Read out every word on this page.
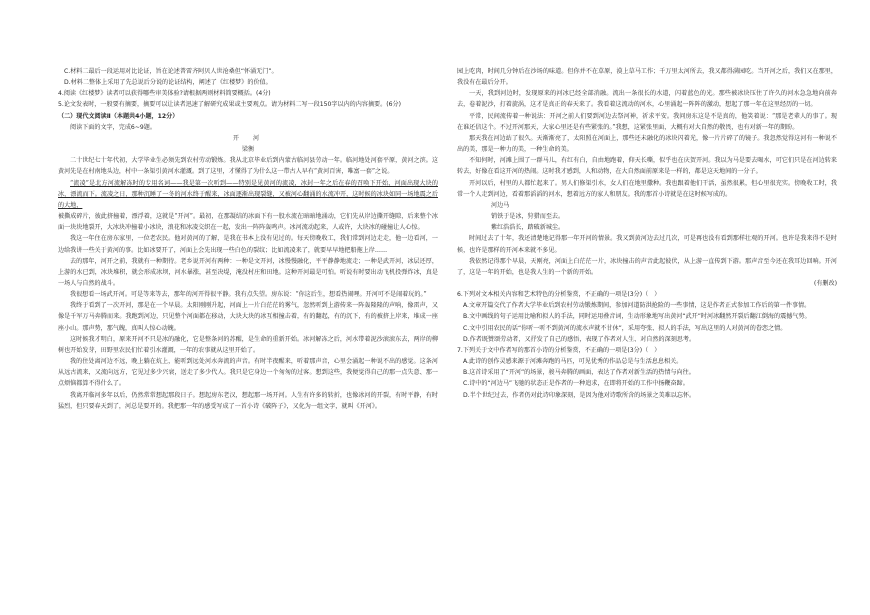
C.材料二最后一段运用对比论证，旨在论述普雷齐阿贝人世沧桑但“怀涌无门”。

D.材料二整体上采用了先总说后分说的论证结构，阐述了《红楼梦》的价值。

4.阅读《红楼梦》读者可以获得哪些审美体验?请根据两则材料简要概括。(4分)

5.论文发表时，一般要有摘要，摘要可以让读者迅速了解研究成果或主要观点。请为材料二写一段150字以内的内容摘要。(6分)

（二）现代文阅读Ⅱ（本题共4小题，12分）

阅读下面的文字，完成6~9题。

开　河

梁衡

二十世纪七十年代初，大学毕业生必须先到农村劳动锻炼。我从北京毕业后到内蒙古临河县劳动一年。临河地处河套平原，黄河之滨。这黄河先是在村南地头边，村中一条渠引黄河水灌溉。到了这里，才懂得了为什么这一带古人早有“黄河百害，唯富一套”之说。

“流凌”是北方河流解冻时的专用名词——我是第一次听到——特别是见黄河的流凌，冰封一年之后在春的召唤下开始，河面出现大块的冰，漂流而下。流凌之日，那种沉睡了一冬的河水终于醒来，冰面逐渐出现裂缝，又被河心翻涌的水流冲开，这时候的冰块如同一场地震之后的大地，

被撕成碎片，彼此挤撞着，漂浮着，这就是“开河”。最初，在那凝结的冰面下有一股水流在暗暗地涌动，它们先从岸边撕开缝隙，后来整个冰面一块块地裂开，大冰块冲撞着小冰块，浪花和冰凌交织在一起，发出一阵阵轰鸣声。冰河流动起来，人或许，大块冰的碰撞让人心惊。

我这一年住在房东家里，一位老农民。他对黄河的了解，是我在书本上没有见过的。每天傍晚收工，我们常到河边走走，他一边看河，一边给我讲一些关于黄河的事。比如冰要开了，河面上会先出现一些白色的裂纹；比如流凌来了，就要早早地把船拖上岸……

去的那年，河开之前，我就有一种期待。老乡说开河有两种：一种是文开河，冰慢慢融化，平平静静地流走；一种是武开河，冰层还厚，上游的水已到，冰块堆积，就会形成冰坝，河水暴涨，甚至决堤，淹没村庄和田地。这种开河最是可怕。听说有时要出动飞机投弹炸冰，真是一场人与自然的战斗。

我很想看一场武开河。可是等来等去，那年的河开得很平静。我有点失望。房东说：“你这后生，想看热闹哩。开河可不是闹着玩的。”

我终于看到了一次开河，那是在一个早晨。太阳刚刚升起，河面上一片白茫茫的雾气，忽然听到上游传来一阵轰隆隆的声响，像雷声，又像是千军万马奔腾而来。我跑到河边，只见整个河面都在移动，大块大块的冰互相撞击着，有的翻起，有的沉下，有的被挤上岸来，堆成一座座小山。那声势，那气魄，真叫人惊心动魄。

这时候我才明白，原来开河不只是冰的融化，它是整条河的苏醒，是生命的重新开始。冰河解冻之后，河水带着泥沙滚滚东去，两岸的柳树也开始发芽，田野里农民们忙着引水灌溉，一年的农事就从这里开始了。

我的住处离河边不远，晚上躺在炕上，能听到远处河水奔流的声音。有时半夜醒来，听着那声音，心里会涌起一种说不出的感觉。这条河从远古流来，又流向远方，它见过多少兴衰，送走了多少代人。我只是它身边一个匆匆的过客。想到这些，我便觉得自己的那一点失意、那一点烦恼都算不得什么了。

我离开临河多年以后，仍然常常想起那段日子。想起房东老汉，想起那一场开河。人生有许多的转折，也像冰河的开裂，有时平静，有时猛烈，但只要春天到了，河总是要开的。我把那一年的感受写成了一首小诗《破阵子》，又化为一组文字，就叫《开河》。

园上吃肉，时间几分钟后在沙场的味道。但你并不在草原，漠上草马工作；千万里太河所去，我又都得满园吃。当开河之后，我们又在那里，我没有在最后分开。

一天，我到河边时，发现原来的河冰已经全部消融。流出一条很长的水道，闪着蓝色的光。那些被冰块压住了许久的河水急急地向前奔去，卷着泥沙，打着旋涡，这才是真正的春天来了。我看着这流动的河水，心里涌起一阵阵的激动，想起了那一年在这里经历的一切。

平常，民间流传着一种说法：开河之前人们要到河边去祭河神，祈求平安。我问房东这是不是真的，他笑着说：“那是老辈人的事了。现在谁还信这个。不过开河那天，大家心里还是有些紧张的。”我想，这紧张里面，大概有对大自然的敬畏，也有对新一年的期盼。

那天我在河边站了很久。天渐渐亮了，太阳照在河面上，那些还未融化的冰块闪着光，像一片片碎了的镜子。我忽然觉得这河有一种说不出的美，那是一种力的美，一种生命的美。

不知何时，河滩上围了一群马儿，有红有白，自由地跑着，仰天长嘶，似乎也在庆贺开河。我以为马是要去喝水，可它们只是在河边转来转去，好像在看这开河的热闹。这时我才感到，人和动物，在大自然面前原来是一样的，都是这天地间的一分子。

开河以后，村里的人都忙起来了。男人们修渠引水，女人们在地里撒种。我也跟着他们干活，虽然很累，但心里很充实。傍晚收工时，我常一个人走到河边，看着那滔滔的河水，想着远方的家人和朋友。我的那首小诗就是在这时候写成的。

河边马

销铁于是冰，狩猎而至去。

紫红浩浩长，踏破新城尘。

时间过去了十年，我还清楚地记得那一年开河的情景。我又到黄河边去过几次，可是再也没有看到那样壮观的开河。也许是我来得不是时候，也许是那样的开河本来就不多见。

我依然记得那个早晨，天刚亮，河面上白茫茫一片，冰块撞击的声音此起彼伏，从上游一直传到下游。那声音至今还在我耳边回响。开河了，这是一年的开始，也是我人生的一个新的开始。

(有删改)

6.下列对文本相关内容和艺术特色的分析鉴赏，不正确的一项是(3分)（　）

A.文章开篇交代了作者大学毕业后到农村劳动锻炼期间，参加河道防洪抢险的一些事情，这是作者正式参加工作后的第一件事情。

B.文中画线的句子运用比喻和拟人的手法，同时运用叠音词，生动形象地写出黄河“武开”时河冰翻然开裂后翻江倒海的震撼气势。

C.文中引用农民的话“你听一听不到黄河的流水声就不甘休”，采用夸张、拟人的手法，写出这里的人对黄河的眷恋之情。

D.作者既赞颂劳动者，又抒发了自己的感悟，表现了作者对人生、对自然的深刻思考。

7.下列关于文中作者写的那首小诗的分析鉴赏，不正确的一项是(3分)（　）

A.此诗的创作灵感来源于河滩奔跑的马匹，可见优秀的作品总是与生活息息相关。

B.这首诗采用了“开河”的场景，骏马奔腾的画面，表达了作者对新生活的热情与向往。

C.诗中的“河边马”飞驰的状态正是作者的一种追求，在即将开始的工作中扬鞭奋蹄。

D.半个世纪过去，作者仍对此诗印象深刻，是因为他对诗歌所含的场景之美难以忘怀。
